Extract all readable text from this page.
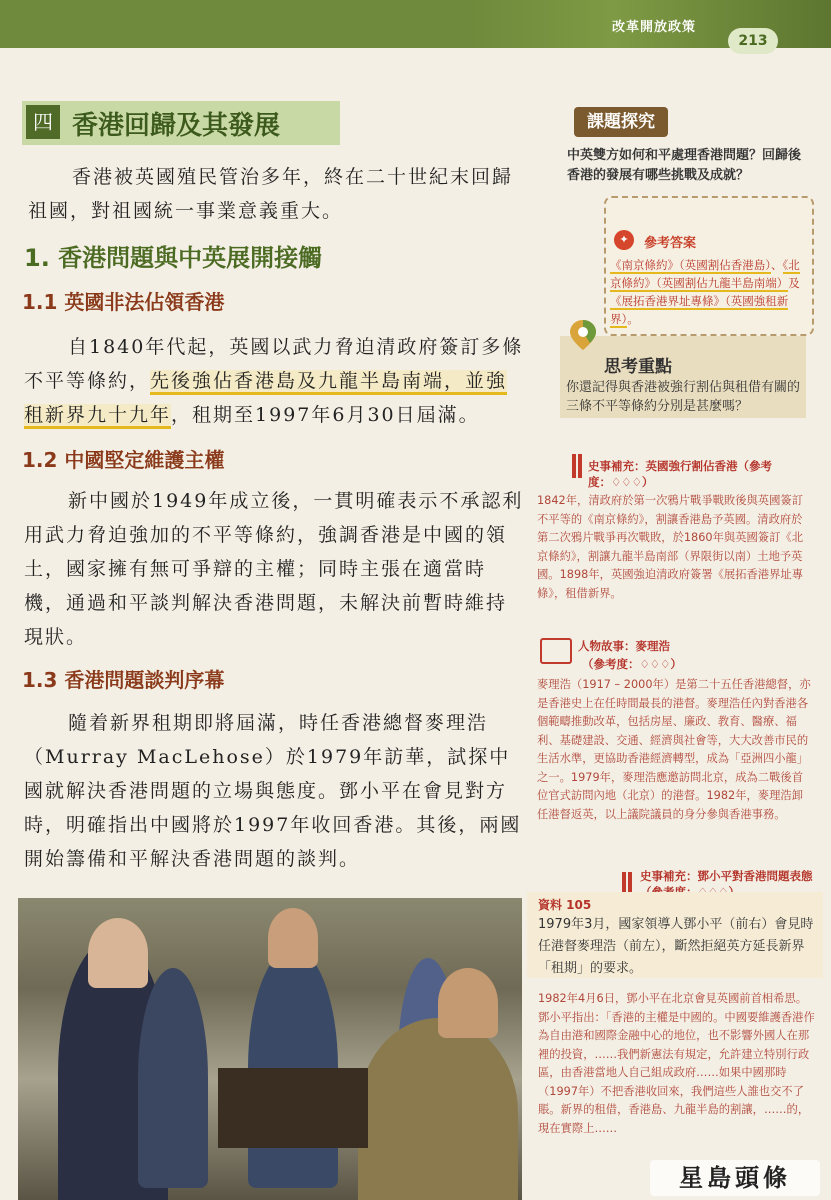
改革開放政策
213
四 香港回歸及其發展
香港被英國殖民管治多年，終在二十世紀末回歸祖國，對祖國統一事業意義重大。
1. 香港問題與中英展開接觸
1.1 英國非法佔領香港
自1840年代起，英國以武力脅迫清政府簽訂多條不平等條約，先後強佔香港島及九龍半島南端，並強租新界九十九年，租期至1997年6月30日屆滿。
1.2 中國堅定維護主權
新中國於1949年成立後，一貫明確表示不承認利用武力脅迫強加的不平等條約，強調香港是中國的領土，國家擁有無可爭辯的主權；同時主張在適當時機，通過和平談判解決香港問題，未解決前暫時維持現狀。
1.3 香港問題談判序幕
隨着新界租期即將屆滿，時任香港總督麥理浩（Murray MacLehose）於1979年訪華，試探中國就解決香港問題的立場與態度。鄧小平在會見對方時，明確指出中國將於1997年收回香港。其後，兩國開始籌備和平解決香港問題的談判。
課題探究
中英雙方如何和平處理香港問題？回歸後香港的發展有哪些挑戰及成就？
✦	參考答案
《南京條約》（英國割佔香港島）、《北京條約》（英國割佔九龍半島南端）及《展拓香港界址專條》（英國強租新界）。
思考重點
你還記得與香港被強行割佔與租借有關的三條不平等條約分別是甚麼嗎？
史事補充：英國強行割佔香港（參考度：♢♢♢）
1842年，清政府於第一次鴉片戰爭戰敗後與英國簽訂不平等的《南京條約》，割讓香港島予英國。清政府於第二次鴉片戰爭再次戰敗，於1860年與英國簽訂《北京條約》，割讓九龍半島南部（界限街以南）土地予英國。1898年，英國強迫清政府簽署《展拓香港界址專條》，租借新界。
人物故事：麥理浩
（參考度：♢♢♢）
麥理浩（1917 – 2000年）是第二十五任香港總督，亦是香港史上在任時間最長的港督。麥理浩任內對香港各個範疇推動改革，包括房屋、廉政、教育、醫療、福利、基礎建設、交通、經濟與社會等，大大改善市民的生活水準，更協助香港經濟轉型，成為「亞洲四小龍」之一。1979年，麥理浩應邀訪問北京，成為二戰後首位官式訪問內地（北京）的港督。1982年，麥理浩卸任港督返英，以上議院議員的身分參與香港事務。
史事補充：鄧小平對香港問題表態
資料 105
1979年3月，國家領導人鄧小平（前右）會見時任港督麥理浩（前左），斷然拒絕英方延長新界「租期」的要求。
1982年4月6日，鄧小平在北京會見英國前首相希思。鄧小平指出：「香港的主權是中國的。中國要維護香港作為自由港和國際金融中心的地位，也不影響外國人在那裡的投資，……我們新憲法有規定，允許建立特別行政區，由香港當地人自己組成政府……如果中國那時（1997年）不把香港收回來，我們這些人誰也交不了賬。新界的租借，香港島、九龍半島的割讓，……的，現在實際上……
星島頭條
